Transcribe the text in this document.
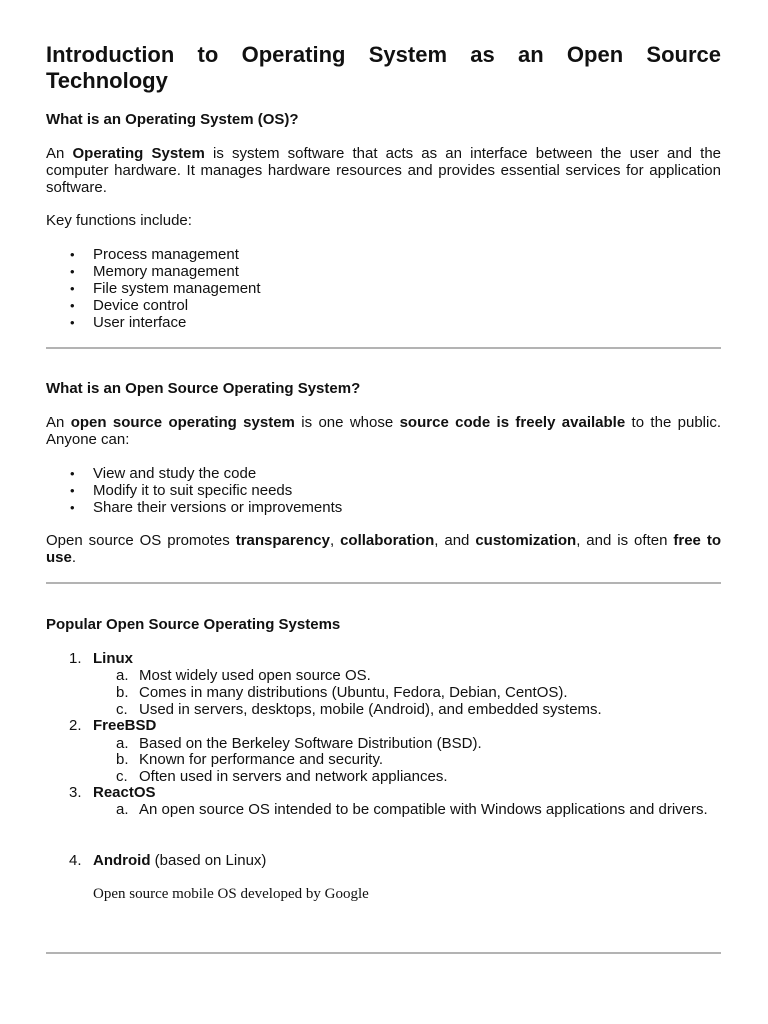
Introduction to Operating System as an Open Source Technology
What is an Operating System (OS)?

An Operating System is system software that acts as an interface between the user and the computer hardware. It manages hardware resources and provides essential services for application software.

Key functions include:

• Process management
• Memory management
• File system management
• Device control
• User interface
What is an Open Source Operating System?

An open source operating system is one whose source code is freely available to the public. Anyone can:

• View and study the code
• Modify it to suit specific needs
• Share their versions or improvements

Open source OS promotes transparency, collaboration, and customization, and is often free to use.

Popular Open Source Operating Systems
1. Linux
a. Most widely used open source OS.
b. Comes in many distributions (Ubuntu, Fedora, Debian, CentOS).
c. Used in servers, desktops, mobile (Android), and embedded systems.
2. FreeBSD
a. Based on the Berkeley Software Distribution (BSD).
b. Known for performance and security.
c. Often used in servers and network appliances.
3. ReactOS
a. An open source OS intended to be compatible with Windows applications and drivers.
4. Android (based on Linux)
Open source mobile OS developed by Google
